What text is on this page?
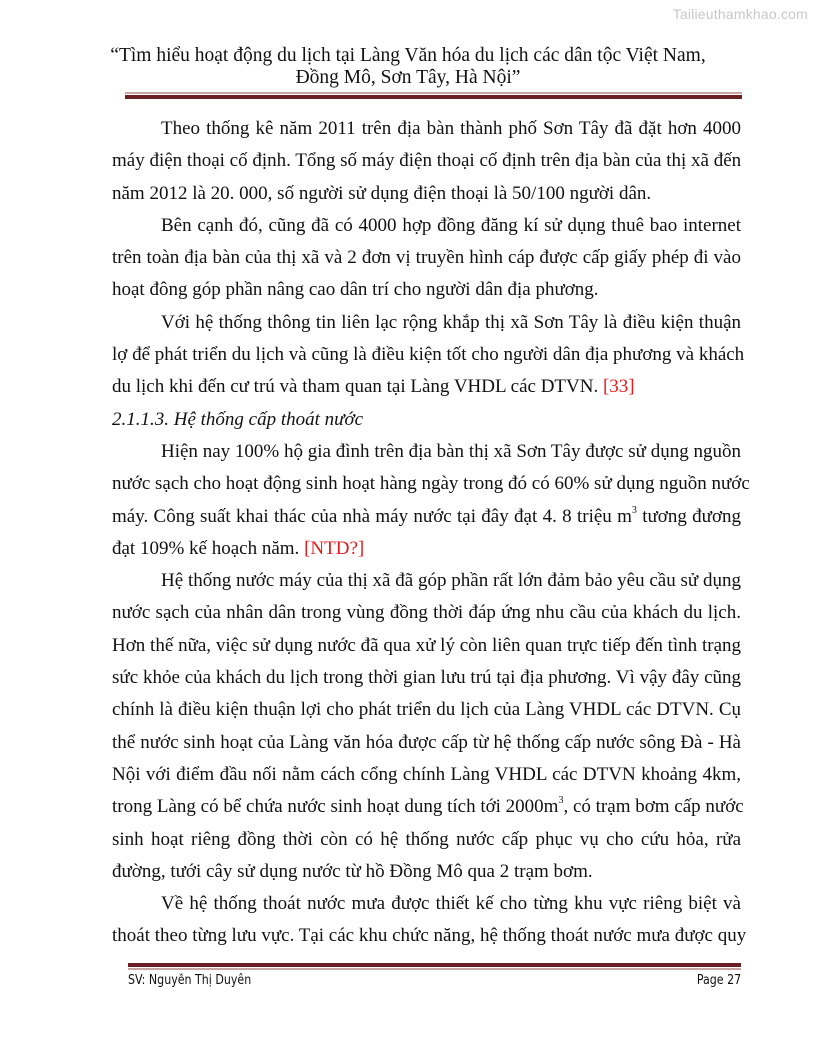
Tailieuthamkhao.com
“Tìm hiểu hoạt động du lịch tại Làng Văn hóa du lịch các dân tộc Việt Nam,
Đồng Mô, Sơn Tây, Hà Nội”
Theo thống kê năm 2011 trên địa bàn thành phố Sơn Tây đã đặt hơn 4000
máy điện thoại cố định. Tổng số máy điện thoại cố định trên địa bàn của thị xã đến
năm 2012 là 20. 000, số người sử dụng điện thoại là 50/100 người dân.
Bên cạnh đó, cũng đã có 4000 hợp đồng đăng kí sử dụng thuê bao internet
trên toàn địa bàn của thị xã và 2 đơn vị truyền hình cáp được cấp giấy phép đi vào
hoạt đông góp phần nâng cao dân trí cho người dân địa phương.
Với hệ thống thông tin liên lạc rộng khắp thị xã Sơn Tây là điều kiện thuận
lợ để phát triển du lịch và cũng là điều kiện tốt cho người dân địa phương và khách
du lịch khi đến cư trú và tham quan tại Làng VHDL các DTVN. [33]
2.1.1.3. Hệ thống cấp thoát nước
Hiện nay 100% hộ gia đình trên địa bàn thị xã Sơn Tây được sử dụng nguồn
nước sạch cho hoạt động sinh hoạt hàng ngày trong đó có 60% sử dụng nguồn nước
máy. Công suất khai thác của nhà máy nước tại đây đạt 4. 8 triệu $m^3$ tương đương
đạt 109% kế hoạch năm. [NTD?]
Hệ thống nước máy của thị xã đã góp phần rất lớn đảm bảo yêu cầu sử dụng
nước sạch của nhân dân trong vùng đồng thời đáp ứng nhu cầu của khách du lịch.
Hơn thế nữa, việc sử dụng nước đã qua xử lý còn liên quan trực tiếp đến tình trạng
sức khỏe của khách du lịch trong thời gian lưu trú tại địa phương. Vì vậy đây cũng
chính là điều kiện thuận lợi cho phát triển du lịch của Làng VHDL các DTVN. Cụ
thể nước sinh hoạt của Làng văn hóa được cấp từ hệ thống cấp nước sông Đà - Hà
Nội với điểm đầu nối nằm cách cổng chính Làng VHDL các DTVN khoảng 4km,
trong Làng có bể chứa nước sinh hoạt dung tích tới $2000m^3$, có trạm bơm cấp nước
sinh hoạt riêng đồng thời còn có hệ thống nước cấp phục vụ cho cứu hỏa, rửa
đường, tưới cây sử dụng nước từ hồ Đồng Mô qua 2 trạm bơm.
Về hệ thống thoát nước mưa được thiết kế cho từng khu vực riêng biệt và
thoát theo từng lưu vực. Tại các khu chức năng, hệ thống thoát nước mưa được quy
SV: Nguyễn Thị Duyên	Page 27
